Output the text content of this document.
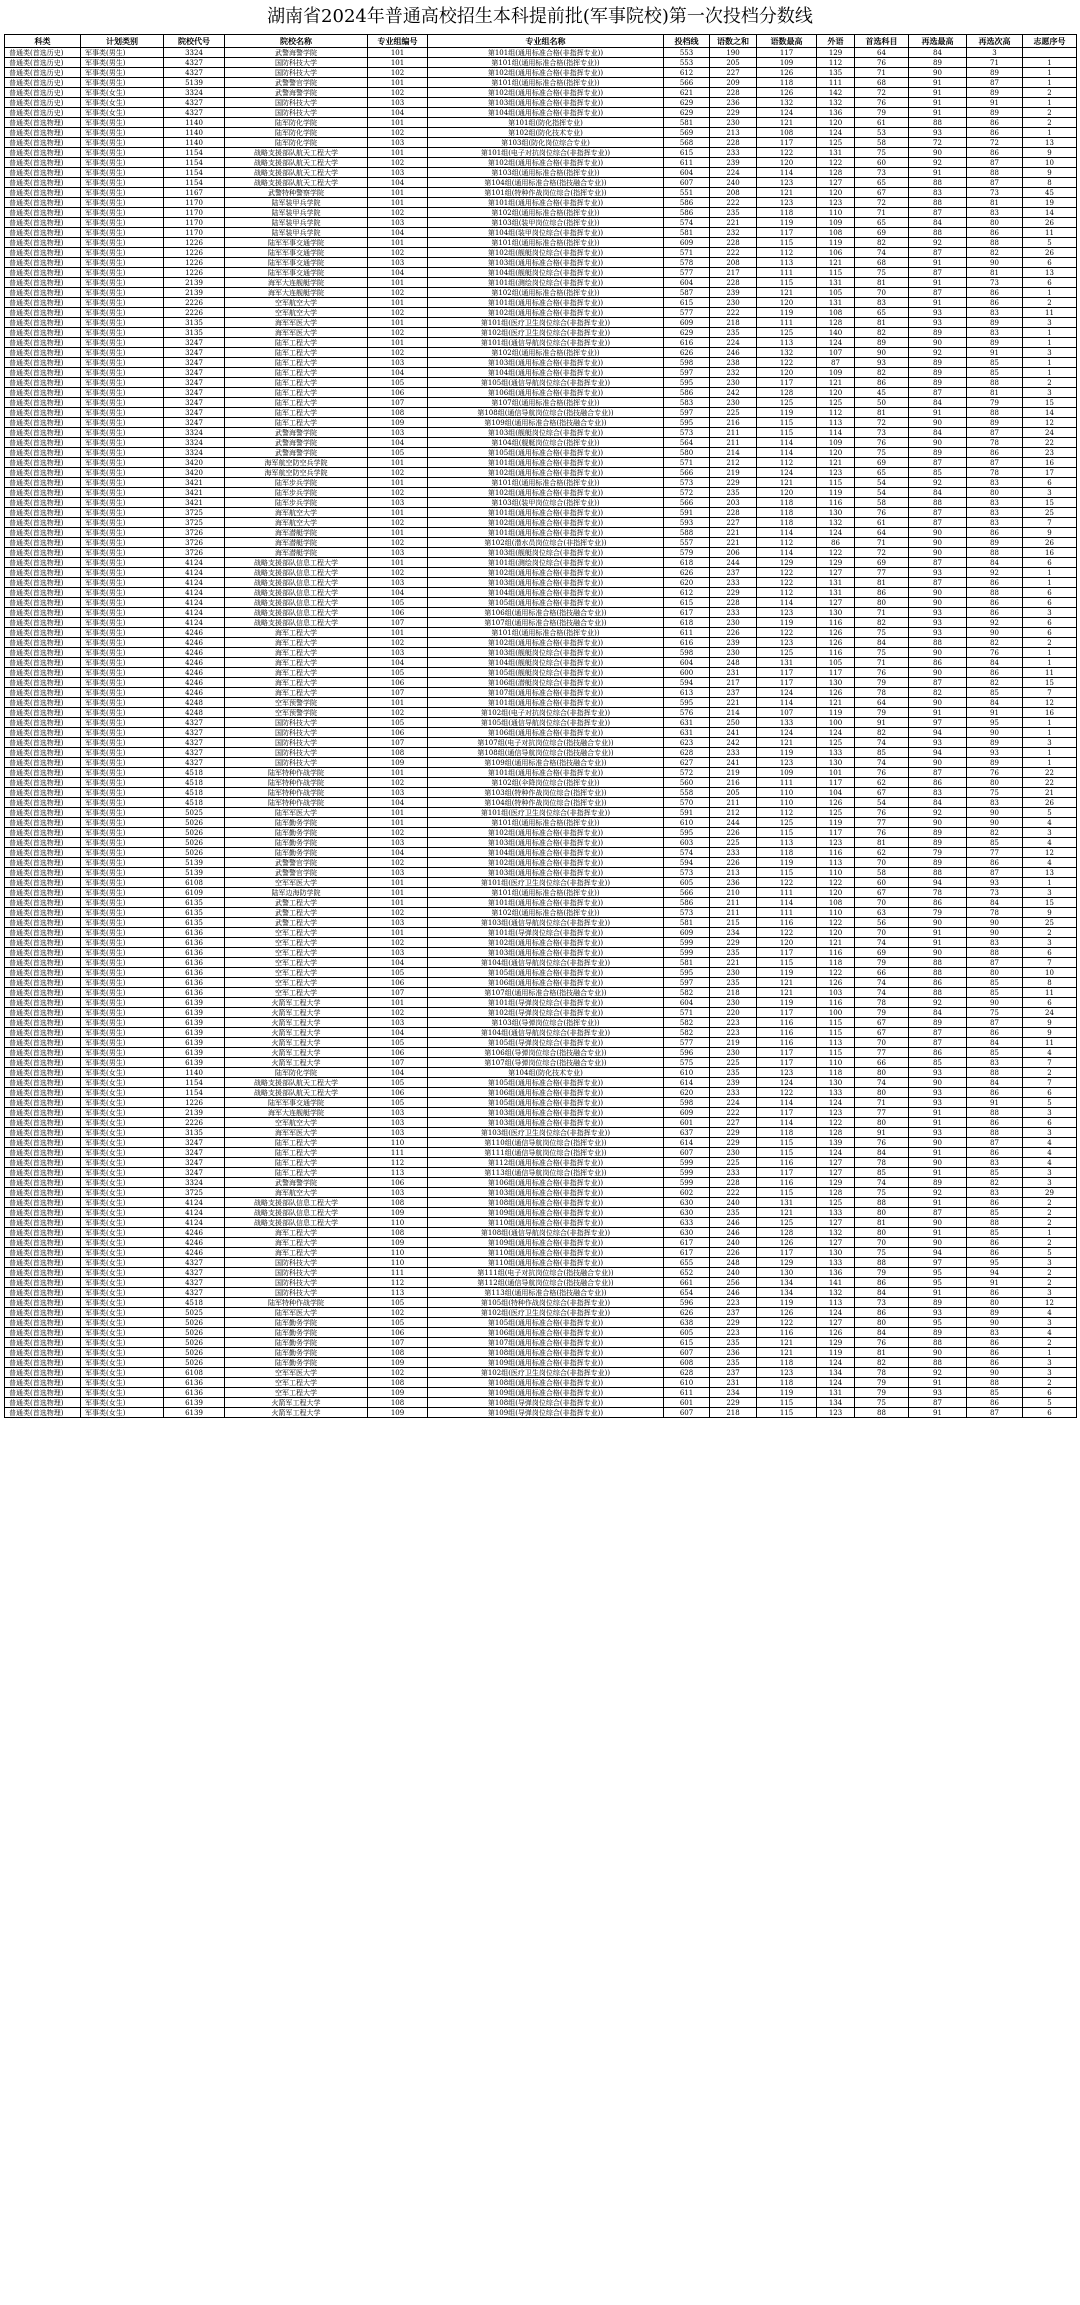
湖南省2024年普通高校招生本科提前批(军事院校)第一次投档分数线
科类	计划类别	院校代号	院校名称	专业组编号	专业组名称	投档线	语数之和	语数最高	外语	首选科目	再选最高	再选次高	志愿序号
普通类(首选历史)	军事类(男生)	3324	武警海警学院	101	第101组(通用标准合格(非指挥专业))	553	190	117	129	64	84	3	
普通类(首选历史)	军事类(男生)	4327	国防科技大学	101	第101组(通用标准合格(指挥专业))	553	205	109	112	76	89	71	1
普通类(首选历史)	军事类(男生)	4327	国防科技大学	102	第102组(通用标准合格(非指挥专业))	612	227	126	135	71	90	89	1
普通类(首选历史)	军事类(男生)	5139	武警警官学院	101	第101组(通用标准合格(指挥专业))	566	209	118	111	68	91	87	1
普通类(首选历史)	军事类(女生)	3324	武警海警学院	102	第102组(通用标准合格(非指挥专业))	621	228	126	142	72	91	89	2
普通类(首选历史)	军事类(女生)	4327	国防科技大学	103	第103组(通用标准合格(非指挥专业))	629	236	132	132	76	91	91	1
普通类(首选历史)	军事类(女生)	4327	国防科技大学	104	第104组(通用标准合格(非指挥专业))	629	229	124	136	79	91	89	2
普通类(首选物理)	军事类(男生)	1140	陆军防化学院	101	第101组(防化指挥专业)	581	230	121	120	61	88	86	2
普通类(首选物理)	军事类(男生)	1140	陆军防化学院	102	第102组(防化技术专业)	569	213	108	124	53	93	86	1
普通类(首选物理)	军事类(男生)	1140	陆军防化学院	103	第103组(防化岗位综合专业)	568	228	117	125	58	72	72	13
普通类(首选物理)	军事类(男生)	1154	战略支援部队航天工程大学	101	第101组(电子对抗岗位综合(非指挥专业))	615	233	122	131	75	90	86	9
普通类(首选物理)	军事类(男生)	1154	战略支援部队航天工程大学	102	第102组(通用标准合格(非指挥专业))	611	239	120	122	60	92	87	10
普通类(首选物理)	军事类(男生)	1154	战略支援部队航天工程大学	103	第103组(通用标准合格(指挥专业))	604	224	114	128	73	91	88	9
普通类(首选物理)	军事类(男生)	1154	战略支援部队航天工程大学	104	第104组(通用标准合格(指技融合专业))	607	240	123	127	65	88	87	8
普通类(首选物理)	军事类(男生)	1167	武警特种警察学院	101	第101组(特种作战岗位综合(指挥专业))	551	208	121	120	67	83	73	45
普通类(首选物理)	军事类(男生)	1170	陆军装甲兵学院	101	第101组(通用标准合格(非指挥专业))	586	222	123	123	72	88	81	19
普通类(首选物理)	军事类(男生)	1170	陆军装甲兵学院	102	第102组(通用标准合格(指挥专业))	586	235	118	110	71	87	83	14
普通类(首选物理)	军事类(男生)	1170	陆军装甲兵学院	103	第103组(装甲岗位综合(指挥专业))	574	221	119	109	65	84	80	26
普通类(首选物理)	军事类(男生)	1170	陆军装甲兵学院	104	第104组(装甲岗位综合(非指挥专业))	581	232	117	108	69	88	86	11
普通类(首选物理)	军事类(男生)	1226	陆军军事交通学院	101	第101组(通用标准合格(指挥专业))	609	228	115	119	82	92	88	5
普通类(首选物理)	军事类(男生)	1226	陆军军事交通学院	102	第102组(舰艇岗位综合(非指挥专业))	571	222	112	106	74	87	82	26
普通类(首选物理)	军事类(男生)	1226	陆军军事交通学院	103	第103组(通用标准合格(非指挥专业))	578	208	113	121	68	91	90	6
普通类(首选物理)	军事类(男生)	1226	陆军军事交通学院	104	第104组(舰艇岗位综合(非指挥专业))	577	217	111	115	75	87	81	13
普通类(首选物理)	军事类(男生)	2139	海军大连舰艇学院	101	第101组(测绘岗位综合(非指挥专业))	604	228	115	131	81	91	73	6
普通类(首选物理)	军事类(男生)	2139	海军大连舰艇学院	102	第102组(通用标准合格(指挥专业))	587	239	121	105	70	87	86	1
普通类(首选物理)	军事类(男生)	2226	空军航空大学	101	第101组(通用标准合格(非指挥专业))	615	230	120	131	83	91	86	2
普通类(首选物理)	军事类(男生)	2226	空军航空大学	102	第102组(通用标准合格(非指挥专业))	577	222	119	108	65	93	83	11
普通类(首选物理)	军事类(男生)	3135	海军军医大学	101	第101组(医疗卫生岗位综合(非指挥专业))	609	218	111	128	81	93	89	3
普通类(首选物理)	军事类(男生)	3135	海军军医大学	102	第102组(医疗卫生岗位综合(非指挥专业))	629	235	125	140	82	89	83	1
普通类(首选物理)	军事类(男生)	3247	陆军工程大学	101	第101组(通信导航岗位综合(非指挥专业))	616	224	113	124	89	90	89	1
普通类(首选物理)	军事类(男生)	3247	陆军工程大学	102	第102组(通用标准合格(指挥专业))	626	246	132	107	90	92	91	3
普通类(首选物理)	军事类(男生)	3247	陆军工程大学	103	第103组(通用标准合格(非指挥专业))	598	238	122	87	93	89	85	1
普通类(首选物理)	军事类(男生)	3247	陆军工程大学	104	第104组(通用标准合格(非指挥专业))	597	232	120	109	82	89	85	1
普通类(首选物理)	军事类(男生)	3247	陆军工程大学	105	第105组(通信导航岗位综合(非指挥专业))	595	230	117	121	86	89	88	2
普通类(首选物理)	军事类(男生)	3247	陆军工程大学	106	第106组(通用标准合格(非指挥专业))	586	242	128	120	45	87	81	3
普通类(首选物理)	军事类(男生)	3247	陆军工程大学	107	第107组(通用标准合格(指挥专业))	583	230	125	125	50	84	79	15
普通类(首选物理)	军事类(男生)	3247	陆军工程大学	108	第108组(通信导航岗位综合(指技融合专业))	597	225	119	112	81	91	88	14
普通类(首选物理)	军事类(男生)	3247	陆军工程大学	109	第109组(通用标准合格(指技融合专业))	595	216	115	113	72	90	89	12
普通类(首选物理)	军事类(男生)	3324	武警海警学院	103	第103组(舰艇岗位综合(非指挥专业))	573	211	115	114	73	84	87	24
普通类(首选物理)	军事类(男生)	3324	武警海警学院	104	第104组(舰艇岗位综合(指挥专业))	564	211	114	109	76	90	78	22
普通类(首选物理)	军事类(男生)	3324	武警海警学院	105	第105组(通用标准合格(非指挥专业))	580	214	114	120	75	89	86	23
普通类(首选物理)	军事类(男生)	3420	海军航空防空兵学院	101	第101组(通用标准合格(非指挥专业))	571	212	112	121	69	87	87	16
普通类(首选物理)	军事类(男生)	3420	海军航空防空兵学院	102	第102组(通用标准合格(非指挥专业))	566	219	124	123	65	85	78	17
普通类(首选物理)	军事类(男生)	3421	陆军步兵学院	101	第101组(通用标准合格(指挥专业))	573	229	121	115	54	92	83	6
普通类(首选物理)	军事类(男生)	3421	陆军步兵学院	102	第102组(通用标准合格(非指挥专业))	572	235	120	119	54	84	80	3
普通类(首选物理)	军事类(男生)	3421	陆军步兵学院	103	第103组(装甲岗位综合(指挥专业))	566	203	118	116	58	88	83	15
普通类(首选物理)	军事类(男生)	3725	海军航空大学	101	第101组(通用标准合格(非指挥专业))	591	228	118	130	76	87	83	25
普通类(首选物理)	军事类(男生)	3725	海军航空大学	102	第102组(通用标准合格(非指挥专业))	593	227	118	132	61	87	83	7
普通类(首选物理)	军事类(男生)	3726	海军潜艇学院	101	第101组(通用标准合格(非指挥专业))	588	221	114	124	64	90	86	9
普通类(首选物理)	军事类(男生)	3726	海军潜艇学院	102	第102组(潜水员岗位综合(非指挥专业))	557	221	112	86	71	90	89	26
普通类(首选物理)	军事类(男生)	3726	海军潜艇学院	103	第103组(舰艇岗位综合(非指挥专业))	579	206	114	122	72	90	88	16
普通类(首选物理)	军事类(男生)	4124	战略支援部队信息工程大学	101	第101组(测绘岗位综合(非指挥专业))	618	244	129	129	69	87	84	6
普通类(首选物理)	军事类(男生)	4124	战略支援部队信息工程大学	102	第102组(通用标准合格(非指挥专业))	626	237	122	127	77	93	92	1
普通类(首选物理)	军事类(男生)	4124	战略支援部队信息工程大学	103	第103组(通用标准合格(非指挥专业))	620	233	122	131	81	87	86	1
普通类(首选物理)	军事类(男生)	4124	战略支援部队信息工程大学	104	第104组(通用标准合格(非指挥专业))	612	229	112	131	86	90	88	6
普通类(首选物理)	军事类(男生)	4124	战略支援部队信息工程大学	105	第105组(通用标准合格(非指挥专业))	615	228	114	127	80	90	86	6
普通类(首选物理)	军事类(男生)	4124	战略支援部队信息工程大学	106	第106组(通用标准合格(指技融合专业))	617	233	123	130	71	93	86	3
普通类(首选物理)	军事类(男生)	4124	战略支援部队信息工程大学	107	第107组(通用标准合格(指技融合专业))	618	230	119	116	82	93	92	6
普通类(首选物理)	军事类(男生)	4246	海军工程大学	101	第101组(通用标准合格(指挥专业))	611	226	122	126	75	93	90	6
普通类(首选物理)	军事类(男生)	4246	海军工程大学	102	第102组(通用标准合格(非指挥专业))	616	239	123	126	84	88	82	2
普通类(首选物理)	军事类(男生)	4246	海军工程大学	103	第103组(舰艇岗位综合(非指挥专业))	598	230	125	116	75	90	76	1
普通类(首选物理)	军事类(男生)	4246	海军工程大学	104	第104组(舰艇岗位综合(非指挥专业))	604	248	131	105	71	86	84	1
普通类(首选物理)	军事类(男生)	4246	海军工程大学	105	第105组(舰艇岗位综合(非指挥专业))	600	231	117	117	76	90	86	11
普通类(首选物理)	军事类(男生)	4246	海军工程大学	106	第106组(潜艇岗位综合(非指挥专业))	594	217	117	130	79	87	82	15
普通类(首选物理)	军事类(男生)	4246	海军工程大学	107	第107组(通用标准合格(非指挥专业))	613	237	124	126	78	82	85	7
普通类(首选物理)	军事类(男生)	4248	空军预警学院	101	第101组(通用标准合格(非指挥专业))	595	221	114	121	64	90	84	12
普通类(首选物理)	军事类(男生)	4248	空军预警学院	102	第102组(电子对抗岗位综合(非指挥专业))	576	214	107	119	79	91	91	16
普通类(首选物理)	军事类(男生)	4327	国防科技大学	105	第105组(通信导航岗位综合(非指挥专业))	631	250	133	100	91	97	95	1
普通类(首选物理)	军事类(男生)	4327	国防科技大学	106	第106组(通用标准合格(非指挥专业))	631	241	124	124	82	94	90	1
普通类(首选物理)	军事类(男生)	4327	国防科技大学	107	第107组(电子对抗岗位综合(指技融合专业))	623	242	121	125	74	93	89	3
普通类(首选物理)	军事类(男生)	4327	国防科技大学	108	第108组(通信导航岗位综合(指技融合专业))	628	233	119	133	85	94	93	1
普通类(首选物理)	军事类(男生)	4327	国防科技大学	109	第109组(通用标准合格(指技融合专业))	627	241	123	130	74	90	89	1
普通类(首选物理)	军事类(男生)	4518	陆军特种作战学院	101	第101组(通用标准合格(非指挥专业))	572	219	109	101	76	87	76	22
普通类(首选物理)	军事类(男生)	4518	陆军特种作战学院	102	第102组(伞降岗位综合(指挥专业))	560	216	111	117	62	86	80	22
普通类(首选物理)	军事类(男生)	4518	陆军特种作战学院	103	第103组(特种作战岗位综合(指挥专业))	558	205	110	104	67	83	75	21
普通类(首选物理)	军事类(男生)	4518	陆军特种作战学院	104	第104组(特种作战岗位综合(指挥专业))	570	211	110	126	54	84	83	26
普通类(首选物理)	军事类(男生)	5025	陆军军医大学	101	第101组(医疗卫生岗位综合(非指挥专业))	591	212	112	125	76	92	90	5
普通类(首选物理)	军事类(男生)	5026	陆军勤务学院	101	第101组(通用标准合格(指挥专业))	610	244	125	119	77	90	90	4
普通类(首选物理)	军事类(男生)	5026	陆军勤务学院	102	第102组(通用标准合格(非指挥专业))	595	226	115	117	76	89	82	3
普通类(首选物理)	军事类(男生)	5026	陆军勤务学院	103	第103组(通用标准合格(非指挥专业))	603	225	113	123	81	89	85	4
普通类(首选物理)	军事类(男生)	5026	陆军勤务学院	104	第104组(通用标准合格(非指挥专业))	574	233	118	116	62	79	77	12
普通类(首选物理)	军事类(男生)	5139	武警警官学院	102	第102组(通用标准合格(非指挥专业))	594	226	119	113	70	89	86	4
普通类(首选物理)	军事类(男生)	5139	武警警官学院	103	第103组(通用标准合格(非指挥专业))	573	213	115	110	58	88	87	13
普通类(首选物理)	军事类(男生)	6108	空军军医大学	101	第101组(医疗卫生岗位综合(非指挥专业))	605	236	122	122	60	94	93	1
普通类(首选物理)	军事类(男生)	6109	陆军边海防学院	101	第101组(通用标准合格(指挥专业))	566	210	111	120	67	78	73	3
普通类(首选物理)	军事类(男生)	6135	武警工程大学	101	第101组(通用标准合格(非指挥专业))	586	211	114	108	70	86	84	15
普通类(首选物理)	军事类(男生)	6135	武警工程大学	102	第102组(通用标准合格(指挥专业))	573	211	111	110	63	79	78	9
普通类(首选物理)	军事类(男生)	6135	武警工程大学	103	第103组(通信导航岗位综合(非指挥专业))	581	215	116	122	56	90	90	25
普通类(首选物理)	军事类(男生)	6136	空军工程大学	101	第101组(导弹岗位综合(非指挥专业))	609	234	122	120	70	91	90	2
普通类(首选物理)	军事类(男生)	6136	空军工程大学	102	第102组(通用标准合格(非指挥专业))	599	229	120	121	74	91	83	3
普通类(首选物理)	军事类(男生)	6136	空军工程大学	103	第103组(通用标准合格(非指挥专业))	599	235	117	116	69	90	88	6
普通类(首选物理)	军事类(男生)	6136	空军工程大学	104	第104组(通信导航岗位综合(非指挥专业))	581	221	115	118	79	88	87	7
普通类(首选物理)	军事类(男生)	6136	空军工程大学	105	第105组(通用标准合格(非指挥专业))	595	230	119	122	66	88	80	10
普通类(首选物理)	军事类(男生)	6136	空军工程大学	106	第106组(通用标准合格(非指挥专业))	597	235	121	126	74	86	85	8
普通类(首选物理)	军事类(男生)	6136	空军工程大学	107	第107组(通用标准合格(指技融合专业))	582	218	121	103	74	88	85	11
普通类(首选物理)	军事类(男生)	6139	火箭军工程大学	101	第101组(导弹岗位综合(非指挥专业))	604	230	119	116	78	92	90	6
普通类(首选物理)	军事类(男生)	6139	火箭军工程大学	102	第102组(导弹岗位综合(非指挥专业))	571	220	117	100	79	84	75	24
普通类(首选物理)	军事类(男生)	6139	火箭军工程大学	103	第103组(导弹岗位综合(指挥专业))	582	223	116	115	67	89	87	9
普通类(首选物理)	军事类(男生)	6139	火箭军工程大学	104	第104组(通信导航岗位综合(非指挥专业))	582	223	116	115	67	87	86	9
普通类(首选物理)	军事类(男生)	6139	火箭军工程大学	105	第105组(导弹岗位综合(非指挥专业))	577	219	116	113	70	87	84	11
普通类(首选物理)	军事类(男生)	6139	火箭军工程大学	106	第106组(导弹岗位综合(指技融合专业))	596	230	117	115	77	86	85	4
普通类(首选物理)	军事类(男生)	6139	火箭军工程大学	107	第107组(导弹岗位综合(指技融合专业))	575	225	117	110	66	85	83	7
普通类(首选物理)	军事类(女生)	1140	陆军防化学院	104	第104组(防化技术专业)	610	235	123	118	80	93	88	2
普通类(首选物理)	军事类(女生)	1154	战略支援部队航天工程大学	105	第105组(通用标准合格(非指挥专业))	614	239	124	130	74	90	84	7
普通类(首选物理)	军事类(女生)	1154	战略支援部队航天工程大学	106	第106组(通用标准合格(非指挥专业))	620	233	122	133	80	93	86	6
普通类(首选物理)	军事类(女生)	1226	陆军军事交通学院	105	第105组(通用标准合格(非指挥专业))	598	224	114	124	71	93	91	5
普通类(首选物理)	军事类(女生)	2139	海军大连舰艇学院	103	第103组(通用标准合格(非指挥专业))	609	222	117	123	77	91	88	3
普通类(首选物理)	军事类(女生)	2226	空军航空大学	103	第103组(通用标准合格(非指挥专业))	601	227	114	122	80	91	86	6
普通类(首选物理)	军事类(女生)	3135	海军军医大学	103	第103组(医疗卫生岗位综合(非指挥专业))	637	229	118	128	91	93	88	3
普通类(首选物理)	军事类(女生)	3247	陆军工程大学	110	第110组(通信导航岗位综合(指挥专业))	614	229	115	139	76	90	87	4
普通类(首选物理)	军事类(女生)	3247	陆军工程大学	111	第111组(通信导航岗位综合(指挥专业))	607	230	115	124	84	91	86	4
普通类(首选物理)	军事类(女生)	3247	陆军工程大学	112	第112组(通用标准合格(非指挥专业))	599	225	116	127	78	90	83	4
普通类(首选物理)	军事类(女生)	3247	陆军工程大学	113	第113组(通信导航岗位综合(指挥专业))	599	233	117	127	85	91	85	3
普通类(首选物理)	军事类(女生)	3324	武警海警学院	106	第106组(通用标准合格(非指挥专业))	599	228	116	129	74	89	82	3
普通类(首选物理)	军事类(女生)	3725	海军航空大学	103	第103组(通用标准合格(非指挥专业))	602	222	115	128	75	92	83	29
普通类(首选物理)	军事类(女生)	4124	战略支援部队信息工程大学	108	第108组(通用标准合格(非指挥专业))	630	240	131	125	88	91	86	2
普通类(首选物理)	军事类(女生)	4124	战略支援部队信息工程大学	109	第109组(通用标准合格(非指挥专业))	630	235	121	133	80	87	85	2
普通类(首选物理)	军事类(女生)	4124	战略支援部队信息工程大学	110	第110组(通用标准合格(非指挥专业))	633	246	125	127	81	90	88	2
普通类(首选物理)	军事类(女生)	4246	海军工程大学	108	第108组(通信导航岗位综合(非指挥专业))	630	246	128	132	80	91	85	1
普通类(首选物理)	军事类(女生)	4246	海军工程大学	109	第109组(通用标准合格(非指挥专业))	617	240	126	127	70	90	86	2
普通类(首选物理)	军事类(女生)	4246	海军工程大学	110	第110组(通用标准合格(非指挥专业))	617	226	117	130	75	94	86	5
普通类(首选物理)	军事类(女生)	4327	国防科技大学	110	第110组(通用标准合格(非指挥专业))	655	248	129	133	88	97	95	3
普通类(首选物理)	军事类(女生)	4327	国防科技大学	111	第111组(电子对抗岗位综合(指技融合专业))	652	240	130	136	79	95	94	2
普通类(首选物理)	军事类(女生)	4327	国防科技大学	112	第112组(通信导航岗位综合(指技融合专业))	661	256	134	141	86	95	91	2
普通类(首选物理)	军事类(女生)	4327	国防科技大学	113	第113组(通用标准合格(指技融合专业))	654	246	134	132	84	91	86	3
普通类(首选物理)	军事类(女生)	4518	陆军特种作战学院	105	第105组(特种作战岗位综合(非指挥专业))	596	223	119	113	73	89	80	12
普通类(首选物理)	军事类(女生)	5025	陆军军医大学	102	第102组(医疗卫生岗位综合(非指挥专业))	626	237	126	124	86	93	89	4
普通类(首选物理)	军事类(女生)	5026	陆军勤务学院	105	第105组(通用标准合格(非指挥专业))	638	229	122	127	80	95	90	3
普通类(首选物理)	军事类(女生)	5026	陆军勤务学院	106	第106组(通用标准合格(非指挥专业))	605	223	116	126	84	89	83	4
普通类(首选物理)	军事类(女生)	5026	陆军勤务学院	107	第107组(通用标准合格(非指挥专业))	615	235	121	129	76	88	86	2
普通类(首选物理)	军事类(女生)	5026	陆军勤务学院	108	第108组(通用标准合格(非指挥专业))	607	236	121	119	81	90	86	1
普通类(首选物理)	军事类(女生)	5026	陆军勤务学院	109	第109组(通用标准合格(非指挥专业))	608	235	118	124	82	88	86	3
普通类(首选物理)	军事类(女生)	6108	空军军医大学	102	第102组(医疗卫生岗位综合(非指挥专业))	628	237	123	134	78	92	90	3
普通类(首选物理)	军事类(女生)	6136	空军工程大学	108	第108组(通用标准合格(非指挥专业))	610	231	118	124	79	91	88	2
普通类(首选物理)	军事类(女生)	6136	空军工程大学	109	第109组(通用标准合格(非指挥专业))	611	234	119	131	79	93	85	6
普通类(首选物理)	军事类(女生)	6139	火箭军工程大学	108	第108组(导弹岗位综合(非指挥专业))	601	229	115	134	75	87	86	5
普通类(首选物理)	军事类(女生)	6139	火箭军工程大学	109	第109组(导弹岗位综合(非指挥专业))	607	218	115	123	88	91	87	6
